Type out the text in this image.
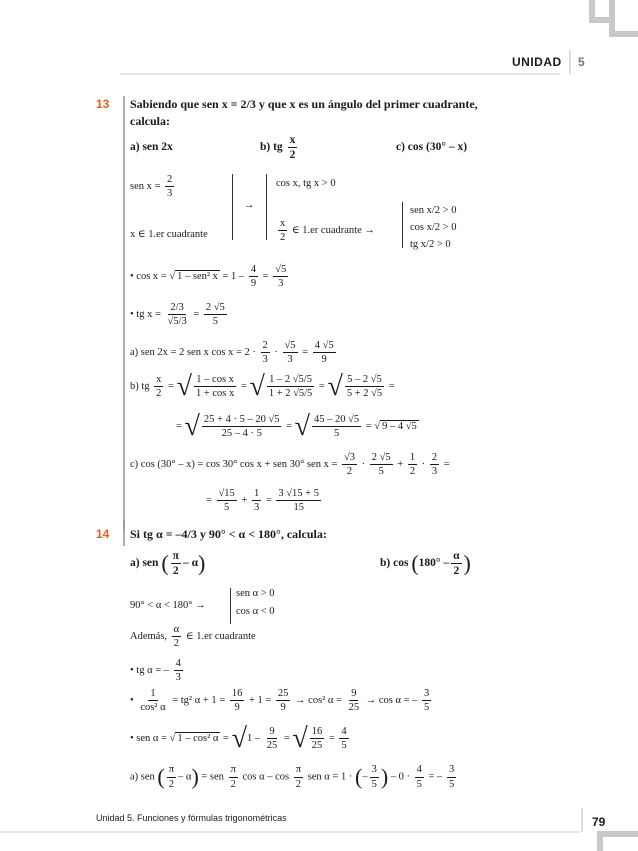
UNIDAD 5
13 Sabiendo que sen x = 2/3 y que x es un ángulo del primer cuadrante,
calcula:
a) sen 2x	b) tg $\frac{x}{2}$	c) cos (30° – x)
sen $x = \frac{2}{3}$
x ∈ 1.er cuadrante
→
cos x, tg x > 0
$\frac{x}{2}$ ∈ 1.er cuadrante →
sen x/2 > 0
cos x/2 > 0
tg x/2 > 0
• cos x = √ 1 – sen² $x = 1 - \frac{4}{9} = \frac{√5}{3}$
• tg $x = \frac{2/3}{√5/3} = \frac{2 √5}{5}$
a) sen 2x = 2 sen x $\cos x = 2 \cdot \frac{2}{3} \cdot \frac{√5}{3} = \frac{4 √5}{9}$
b) tg $\frac{x}{2}$ = √ $\frac{\text{1 – cos x}}{\text{1 + cos x}}$ = √ $\frac{1 - 2 √5/5}{1 + 2 √5/5}$ = √ $\frac{5 - 2 √5}{5 + 2 √5}$ =
= √ $\frac{25 + 4 \cdot 5 - 20 √5}{25 - 4 \cdot 5}$ = √ $\frac{45 - 20 √5}{5}$ = √ 9 – 4 √5
c) cos (30° – x) = cos 30° cos x + sen 30° sen $x = \frac{√3}{2} \cdot \frac{2 √5}{5} + \frac{1}{2} \cdot \frac{2}{3}$ =
= $\frac{√15}{5} + \frac{1}{3} = \frac{3 √15 + 5}{15}$
14 Si tg α = –4/3 y 90° < α < 180°, calcula:
a) sen ( $\frac{\pi}{2} - \alpha$)	b) $\cos (180^\circ - \frac{\alpha}{2}$ )
90° < α < 180° →
sen α > 0
cos α < 0
Además, $\frac{\alpha}{2}$ ∈ 1.er cuadrante
• tg α = – $\frac{4}{3}$
• $\frac{1}{\text{cos² α}} = tg^2$ $\alpha + 1 = \frac{16}{9} + 1 = \frac{25}{9} \to \cos^2$ $\alpha = \frac{9}{25} \to \cos \alpha$ = – $\frac{3}{5}$
• sen α = √ 1 – cos² $\alpha = √1 - \frac{9}{25}$ = √ $\frac{16}{25} = \frac{4}{5}$
a) sen ( $\frac{\pi}{2} - \alpha$) = sen $\frac{\pi}{2}$ cos α – $\cos \frac{\pi}{2}$ sen α = 1 · (– $\frac{3}{5}$ ) – $0 \cdot \frac{4}{5}$ = – $\frac{3}{5}$
Unidad 5. Funciones y fórmulas trigonométricas	79
